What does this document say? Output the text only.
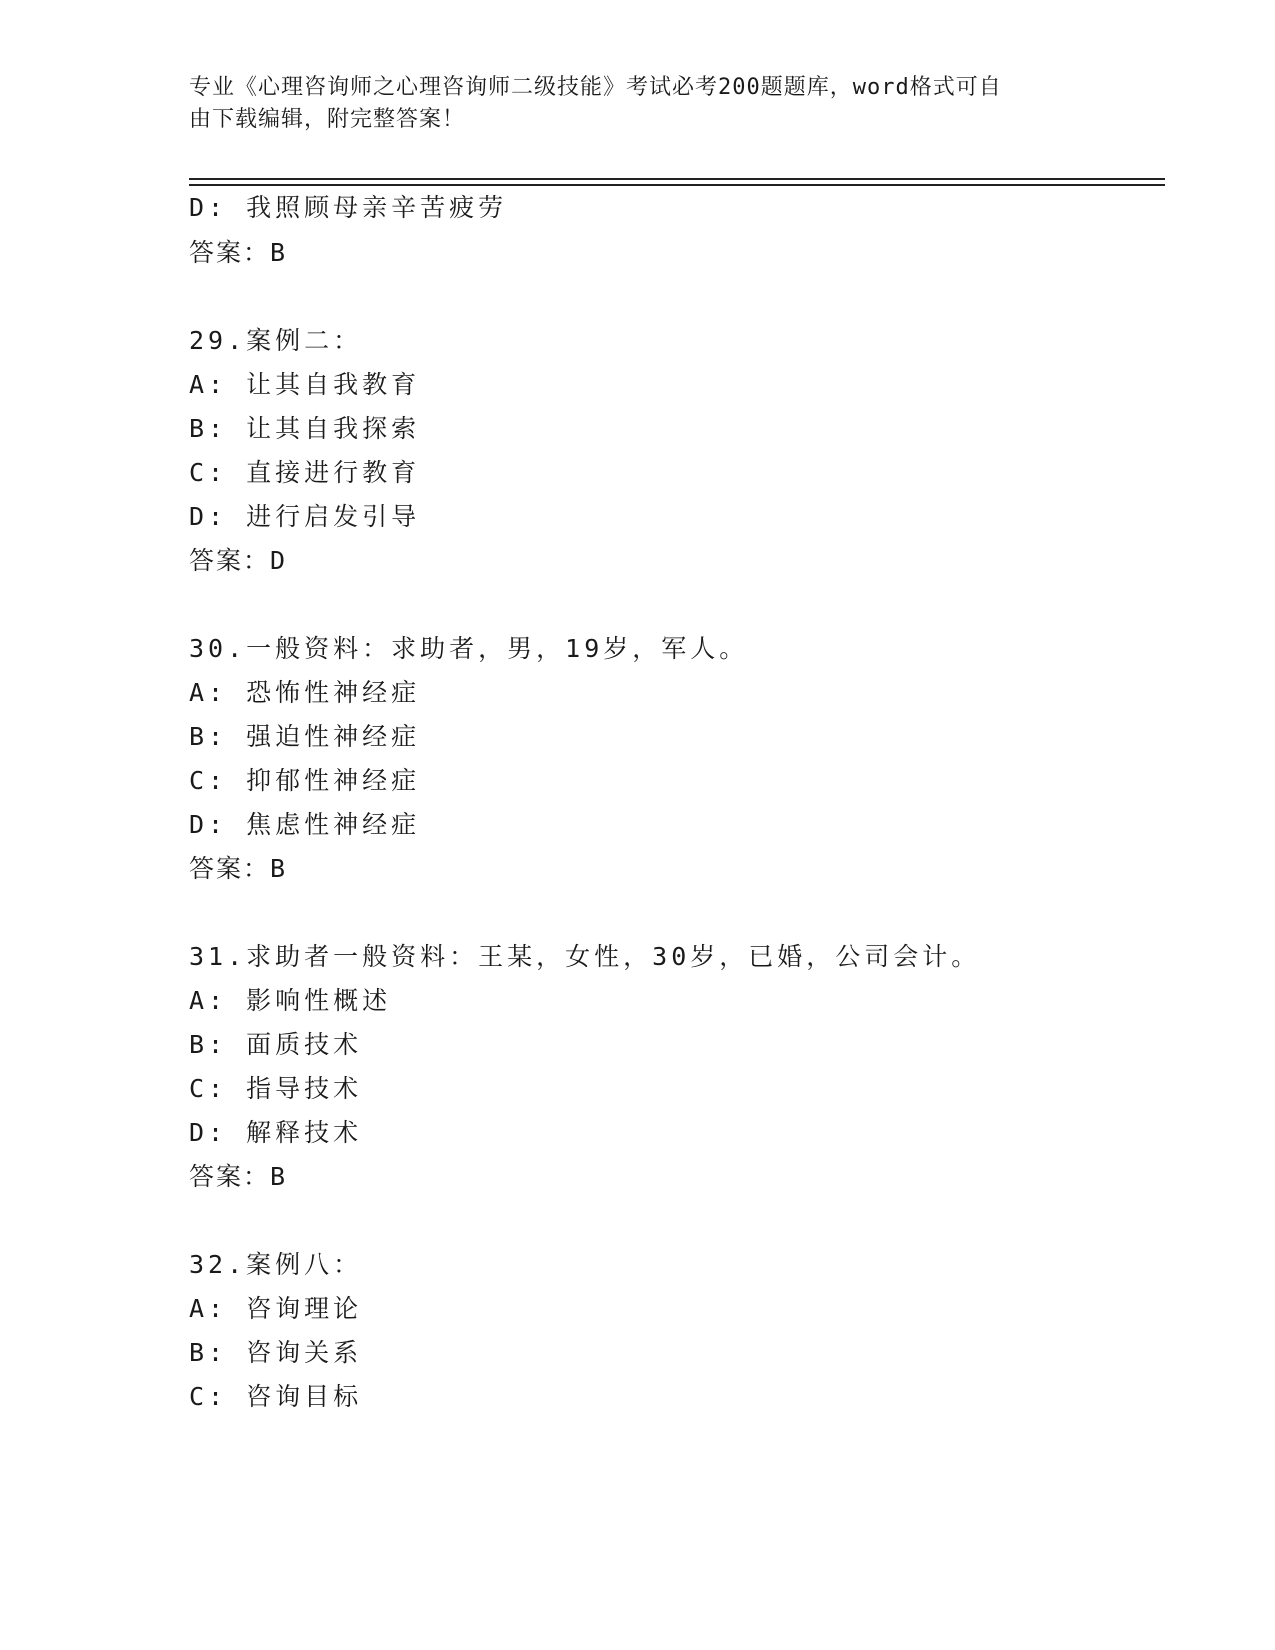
专业《心理咨询师之心理咨询师二级技能》考试必考200题题库，word格式可自
由下载编辑，附完整答案！
D: 我照顾母亲辛苦疲劳
答案：B
29.案例二：
A: 让其自我教育
B: 让其自我探索
C: 直接进行教育
D: 进行启发引导
答案：D
30.一般资料：求助者，男，19岁，军人。
A: 恐怖性神经症
B: 强迫性神经症
C: 抑郁性神经症
D: 焦虑性神经症
答案：B
31.求助者一般资料：王某，女性，30岁，已婚，公司会计。
A: 影响性概述
B: 面质技术
C: 指导技术
D: 解释技术
答案：B
32.案例八：
A: 咨询理论
B: 咨询关系
C: 咨询目标
